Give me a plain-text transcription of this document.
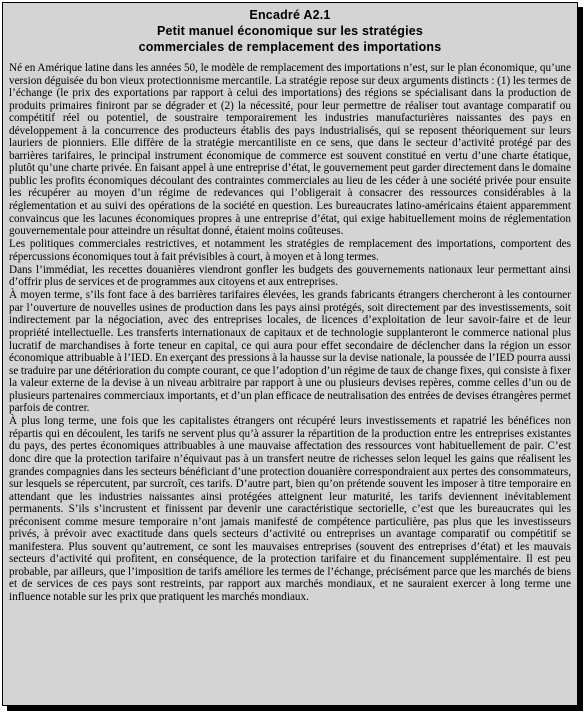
Encadré A2.1
Petit manuel économique sur les stratégies
commerciales de remplacement des importations

Né en Amérique latine dans les années 50, le modèle de remplacement des importations n’est, sur le plan économique, qu’une version déguisée du bon vieux protectionnisme mercantile. La stratégie repose sur deux arguments distincts : (1) les termes de l’échange (le prix des exportations par rapport à celui des importations) des régions se spécialisant dans la production de produits primaires finiront par se dégrader et (2) la nécessité, pour leur permettre de réaliser tout avantage comparatif ou compétitif réel ou potentiel, de soustraire temporairement les industries manufacturières naissantes des pays en développement à la concurrence des producteurs établis des pays industrialisés, qui se reposent théoriquement sur leurs lauriers de pionniers. Elle diffère de la stratégie mercantiliste en ce sens, que dans le secteur d’activité protégé par des barrières tarifaires, le principal instrument économique de commerce est souvent constitué en vertu d’une charte étatique, plutôt qu’une charte privée. En faisant appel à une entreprise d’état, le gouvernement peut garder directement dans le domaine public les profits économiques découlant des contraintes commerciales au lieu de les céder à une société privée pour ensuite les récupérer au moyen d’un régime de redevances qui l’obligerait à consacrer des ressources considérables à la réglementation et au suivi des opérations de la société en question. Les bureaucrates latino-américains étaient apparemment convaincus que les lacunes économiques propres à une entreprise d’état, qui exige habituellement moins de réglementation gouvernementale pour atteindre un résultat donné, étaient moins coûteuses.

Les politiques commerciales restrictives, et notamment les stratégies de remplacement des importations, comportent des répercussions économiques tout à fait prévisibles à court, à moyen et à long termes.

Dans l’immédiat, les recettes douanières viendront gonfler les budgets des gouvernements nationaux leur permettant ainsi d’offrir plus de services et de programmes aux citoyens et aux entreprises.

À moyen terme, s’ils font face à des barrières tarifaires élevées, les grands fabricants étrangers chercheront à les contourner par l’ouverture de nouvelles usines de production dans les pays ainsi protégés, soit directement par des investissements, soit indirectement par la négociation, avec des entreprises locales, de licences d’exploitation de leur savoir-faire et de leur propriété intellectuelle. Les transferts internationaux de capitaux et de technologie supplanteront le commerce national plus lucratif de marchandises à forte teneur en capital, ce qui aura pour effet secondaire de déclencher dans la région un essor économique attribuable à l’IED. En exerçant des pressions à la hausse sur la devise nationale, la poussée de l’IED pourra aussi se traduire par une détérioration du compte courant, ce que l’adoption d’un régime de taux de change fixes, qui consiste à fixer la valeur externe de la devise à un niveau arbitraire par rapport à une ou plusieurs devises repères, comme celles d’un ou de plusieurs partenaires commerciaux importants, et d’un plan efficace de neutralisation des entrées de devises étrangères permet parfois de contrer.

À plus long terme, une fois que les capitalistes étrangers ont récupéré leurs investissements et rapatrié les bénéfices non répartis qui en découlent, les tarifs ne servent plus qu’à assurer la répartition de la production entre les entreprises existantes du pays, des pertes économiques attribuables à une mauvaise affectation des ressources vont habituellement de pair. C’est donc dire que la protection tarifaire n’équivaut pas à un transfert neutre de richesses selon lequel les gains que réalisent les grandes compagnies dans les secteurs bénéficiant d’une protection douanière correspondraient aux pertes des consommateurs, sur lesquels se répercutent, par surcroît, ces tarifs. D’autre part, bien qu’on prétende souvent les imposer à titre temporaire en attendant que les industries naissantes ainsi protégées atteignent leur maturité, les tarifs deviennent inévitablement permanents. S’ils s’incrustent et finissent par devenir une caractéristique sectorielle, c’est que les bureaucrates qui les préconisent comme mesure temporaire n’ont jamais manifesté de compétence particulière, pas plus que les investisseurs privés, à prévoir avec exactitude dans quels secteurs d’activité ou entreprises un avantage comparatif ou compétitif se manifestera. Plus souvent qu’autrement, ce sont les mauvaises entreprises (souvent des entreprises d’état) et les mauvais secteurs d’activité qui profitent, en conséquence, de la protection tarifaire et du financement supplémentaire. Il est peu probable, par ailleurs, que l’imposition de tarifs améliore les termes de l’échange, précisément parce que les marchés de biens et de services de ces pays sont restreints, par rapport aux marchés mondiaux, et ne sauraient exercer à long terme une influence notable sur les prix que pratiquent les marchés mondiaux.
